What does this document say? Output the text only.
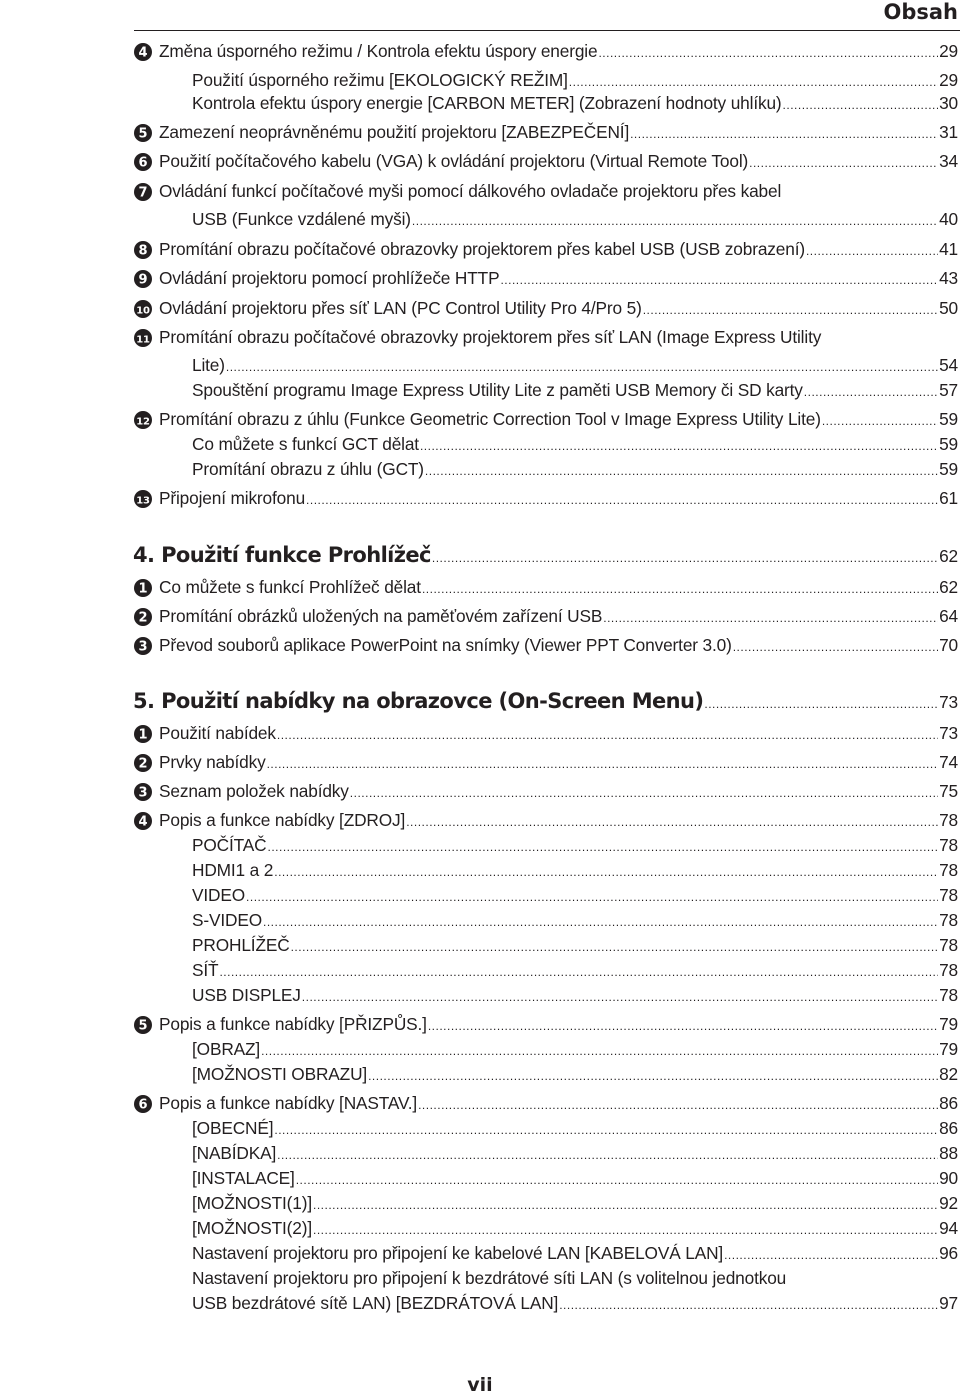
Obsah
4 Změna úsporného režimu / Kontrola efektu úspory energie .....	29
Použití úsporného režimu [EKOLOGICKÝ REŽIM] .....	29
Kontrola efektu úspory energie [CARBON METER] (Zobrazení hodnoty uhlíku) .....	30
5 Zamezení neoprávněnému použití projektoru [ZABEZPEČENÍ] .....	31
6 Použití počítačového kabelu (VGA) k ovládání projektoru (Virtual Remote Tool) .....	34
7 Ovládání funkcí počítačové myši pomocí dálkového ovladače projektoru přes kabel
USB (Funkce vzdálené myši) .....	40
8 Promítání obrazu počítačové obrazovky projektorem přes kabel USB (USB zobrazení) .....	41
9 Ovládání projektoru pomocí prohlížeče HTTP .....	43
10 Ovládání projektoru přes síť LAN (PC Control Utility Pro 4/Pro 5) .....	50
11 Promítání obrazu počítačové obrazovky projektorem přes síť LAN (Image Express Utility
Lite) .....	54
Spouštění programu Image Express Utility Lite z paměti USB Memory či SD karty .....	57
12 Promítání obrazu z úhlu (Funkce Geometric Correction Tool v Image Express Utility Lite) .....	59
Co můžete s funkcí GCT dělat .....	59
Promítání obrazu z úhlu (GCT) .....	59
13 Připojení mikrofonu .....	61
4. Použití funkce Prohlížeč .....	62
1 Co můžete s funkcí Prohlížeč dělat .....	62
2 Promítání obrázků uložených na paměťovém zařízení USB .....	64
3 Převod souborů aplikace PowerPoint na snímky (Viewer PPT Converter 3.0) .....	70
5. Použití nabídky na obrazovce (On-Screen Menu) .....	73
1 Použití nabídek .....	73
2 Prvky nabídky .....	74
3 Seznam položek nabídky .....	75
4 Popis a funkce nabídky [ZDROJ] .....	78
POČÍTAČ .....	78
HDMI1 a 2 .....	78
VIDEO .....	78
S-VIDEO .....	78
PROHLÍŽEČ .....	78
SÍŤ .....	78
USB DISPLEJ .....	78
5 Popis a funkce nabídky [PŘIZPŮS.] .....	79
[OBRAZ] .....	79
[MOŽNOSTI OBRAZU] .....	82
6 Popis a funkce nabídky [NASTAV.] .....	86
[OBECNÉ] .....	86
[NABÍDKA] .....	88
[INSTALACE] .....	90
[MOŽNOSTI(1)] .....	92
[MOŽNOSTI(2)] .....	94
Nastavení projektoru pro připojení ke kabelové LAN [KABELOVÁ LAN] .....	96
Nastavení projektoru pro připojení k bezdrátové síti LAN (s volitelnou jednotkou
USB bezdrátové sítě LAN) [BEZDRÁTOVÁ LAN] .....	97
vii
